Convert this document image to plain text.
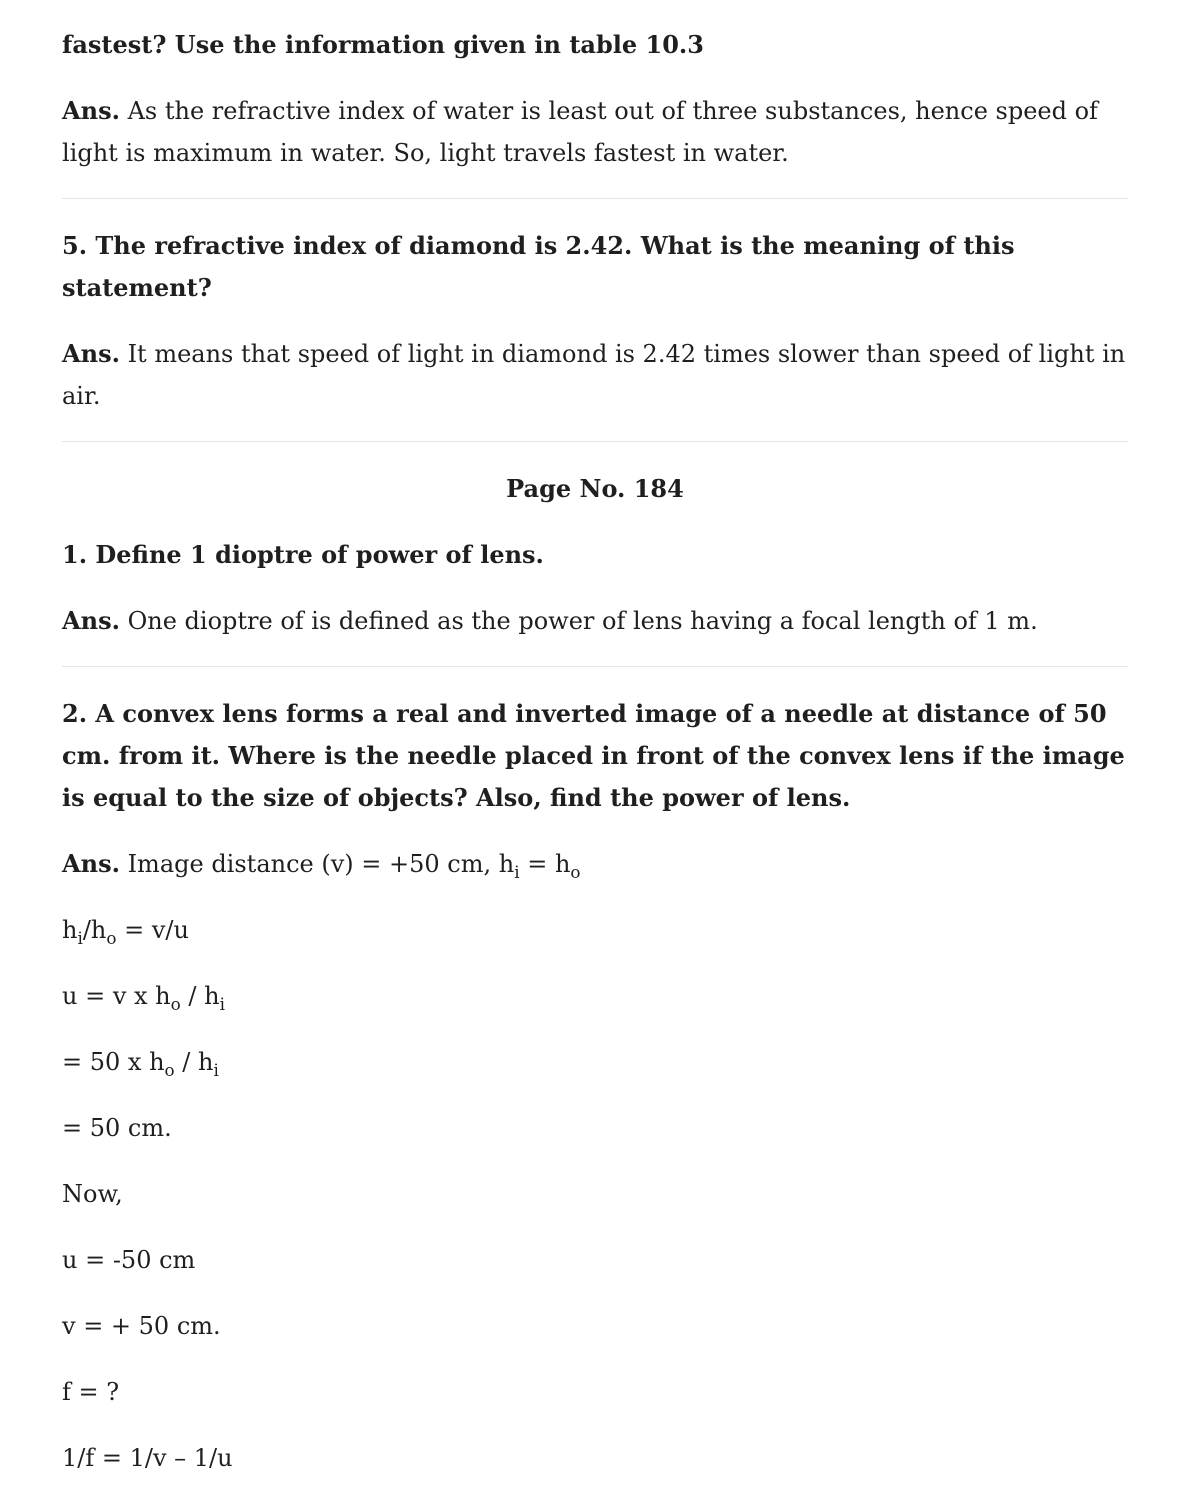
fastest? Use the information given in table 10.3

Ans. As the refractive index of water is least out of three substances, hence speed of light is maximum in water. So, light travels fastest in water.

5. The refractive index of diamond is 2.42. What is the meaning of this statement?

Ans. It means that speed of light in diamond is 2.42 times slower than speed of light in air.

Page No. 184

1. Define 1 dioptre of power of lens.

Ans. One dioptre of is defined as the power of lens having a focal length of 1 m.

2. A convex lens forms a real and inverted image of a needle at distance of 50 cm. from it. Where is the needle placed in front of the convex lens if the image is equal to the size of objects? Also, find the power of lens.

Ans. Image distance (v) = +50 cm, $h_i = h_o$

$h_i/h_o = v/u$

u = v x $h_o / h_i$

= 50 x $h_o / h_i$

= 50 cm.

Now,

u = -50 cm

v = + 50 cm.

f = ?

1/f = 1/v – 1/u
